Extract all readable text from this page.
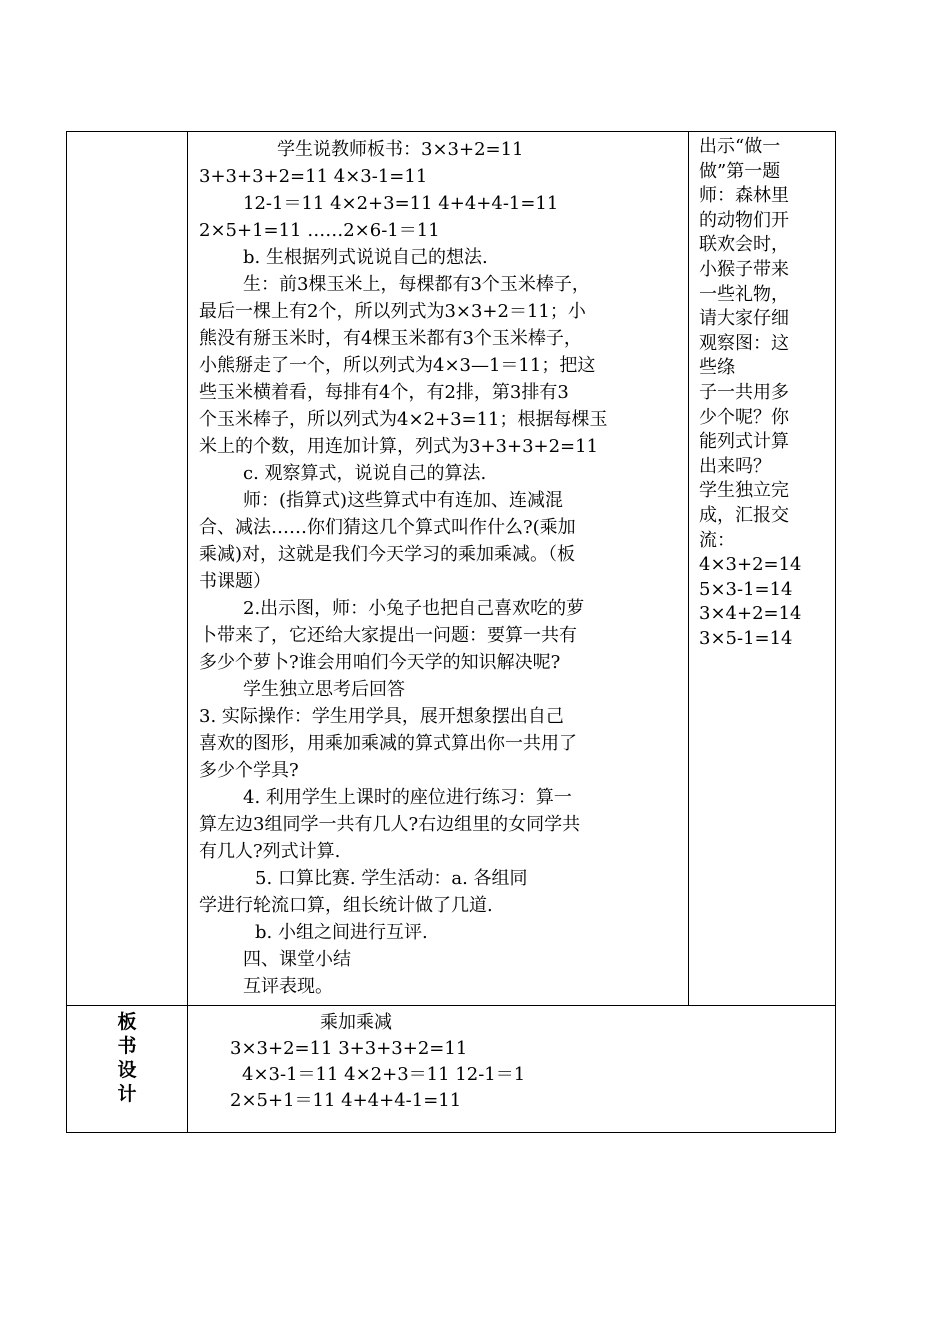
学生说教师板书：3×3+2=11
3+3+3+2=11 4×3-1=11
12-1＝11 4×2+3=11 4+4+4-1=11
2×5+1=11 ……2×6-1＝11
b. 生根据列式说说自己的想法.
生：前3棵玉米上，每棵都有3个玉米棒子，
最后一棵上有2个，所以列式为3×3+2＝11；小
熊没有掰玉米时，有4棵玉米都有3个玉米棒子，
小熊掰走了一个，所以列式为4×3—1＝11；把这
些玉米横着看，每排有4个，有2排，第3排有3
个玉米棒子，所以列式为4×2+3=11；根据每棵玉
米上的个数，用连加计算，列式为3+3+3+2=11
c. 观察算式，说说自己的算法.
师：(指算式)这些算式中有连加、连减混
合、减法……你们猜这几个算式叫作什么?(乘加
乘减)对，这就是我们今天学习的乘加乘减。（板
书课题）
2.出示图，师：小兔子也把自己喜欢吃的萝
卜带来了，它还给大家提出一问题：要算一共有
多少个萝卜?谁会用咱们今天学的知识解决呢?
学生独立思考后回答
3. 实际操作：学生用学具，展开想象摆出自己
喜欢的图形，用乘加乘减的算式算出你一共用了
多少个学具?
4. 利用学生上课时的座位进行练习：算一
算左边3组同学一共有几人?右边组里的女同学共
有几人?列式计算.
5. 口算比赛. 学生活动：a. 各组同
学进行轮流口算，组长统计做了几道.
b. 小组之间进行互评.
四、课堂小结
互评表现。
出示“做一
做”第一题
师：森林里
的动物们开
联欢会时，
小猴子带来
一些礼物，
请大家仔细
观察图：这
些绦
子一共用多
少个呢？你
能列式计算
出来吗？
学生独立完
成，汇报交
流：
4×3+2=14
5×3-1=14
3×4+2=14
3×5-1=14
板
书
设
计
乘加乘减
3×3+2=11 3+3+3+2=11
4×3-1＝11 4×2+3＝11 12-1＝1
2×5+1＝11 4+4+4-1=11
